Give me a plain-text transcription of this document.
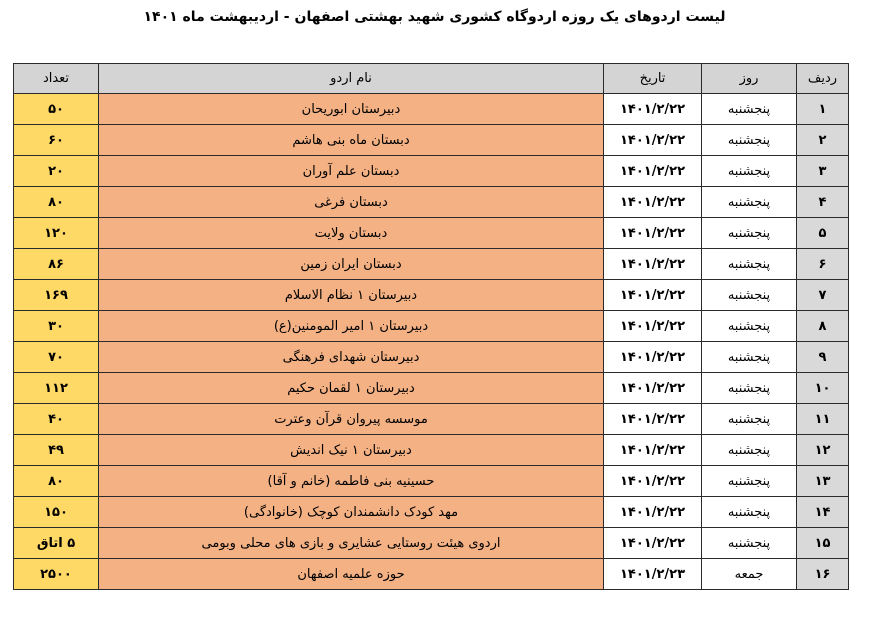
لیست اردوهای یک روزه اردوگاه کشوری شهید بهشتی اصفهان - اردیبهشت ماه ۱۴۰۱
ردیف	روز	تاریخ	نام اردو	تعداد
۱	پنجشنبه	۱۴۰۱/۲/۲۲	دبیرستان ابوریحان	۵۰
۲	پنجشنبه	۱۴۰۱/۲/۲۲	دبستان ماه بنی هاشم	۶۰
۳	پنجشنبه	۱۴۰۱/۲/۲۲	دبستان علم آوران	۲۰
۴	پنجشنبه	۱۴۰۱/۲/۲۲	دبستان فرغی	۸۰
۵	پنجشنبه	۱۴۰۱/۲/۲۲	دبستان ولایت	۱۲۰
۶	پنجشنبه	۱۴۰۱/۲/۲۲	دبستان ایران زمین	۸۶
۷	پنجشنبه	۱۴۰۱/۲/۲۲	دبیرستان ۱ نظام الاسلام	۱۶۹
۸	پنجشنبه	۱۴۰۱/۲/۲۲	دبیرستان ۱ امیر المومنین(ع)	۳۰
۹	پنجشنبه	۱۴۰۱/۲/۲۲	دبیرستان شهدای فرهنگی	۷۰
۱۰	پنجشنبه	۱۴۰۱/۲/۲۲	دبیرستان ۱ لقمان حکیم	۱۱۲
۱۱	پنجشنبه	۱۴۰۱/۲/۲۲	موسسه پیروان قرآن وعترت	۴۰
۱۲	پنجشنبه	۱۴۰۱/۲/۲۲	دبیرستان ۱ نیک اندیش	۴۹
۱۳	پنجشنبه	۱۴۰۱/۲/۲۲	حسینیه بنی فاطمه (خانم و آقا)	۸۰
۱۴	پنجشنبه	۱۴۰۱/۲/۲۲	مهد کودک دانشمندان کوچک (خانوادگی)	۱۵۰
۱۵	پنجشنبه	۱۴۰۱/۲/۲۲	اردوی هیئت روستایی عشایری و بازی های محلی وبومی	۵ اتاق
۱۶	جمعه	۱۴۰۱/۲/۲۳	حوزه علمیه اصفهان	۲۵۰۰
